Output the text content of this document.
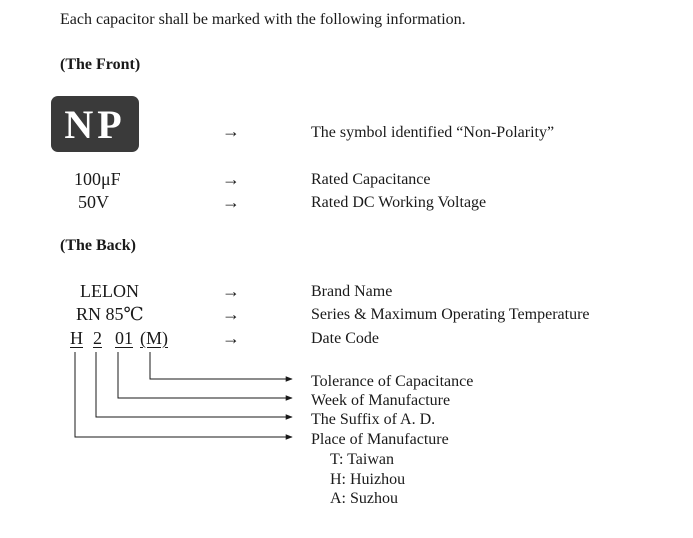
Each capacitor shall be marked with the following information.
(The Front)
NP	→	The symbol identified “Non-Polarity”
100μF	→	Rated Capacitance
50V	→	Rated DC Working Voltage
(The Back)
LELON	→	Brand Name
RN 85℃	→	Series & Maximum Operating Temperature
H 2 01 (M)	→	Date Code
Tolerance of Capacitance
Week of Manufacture
The Suffix of A. D.
Place of Manufacture
T: Taiwan
H: Huizhou
A: Suzhou
